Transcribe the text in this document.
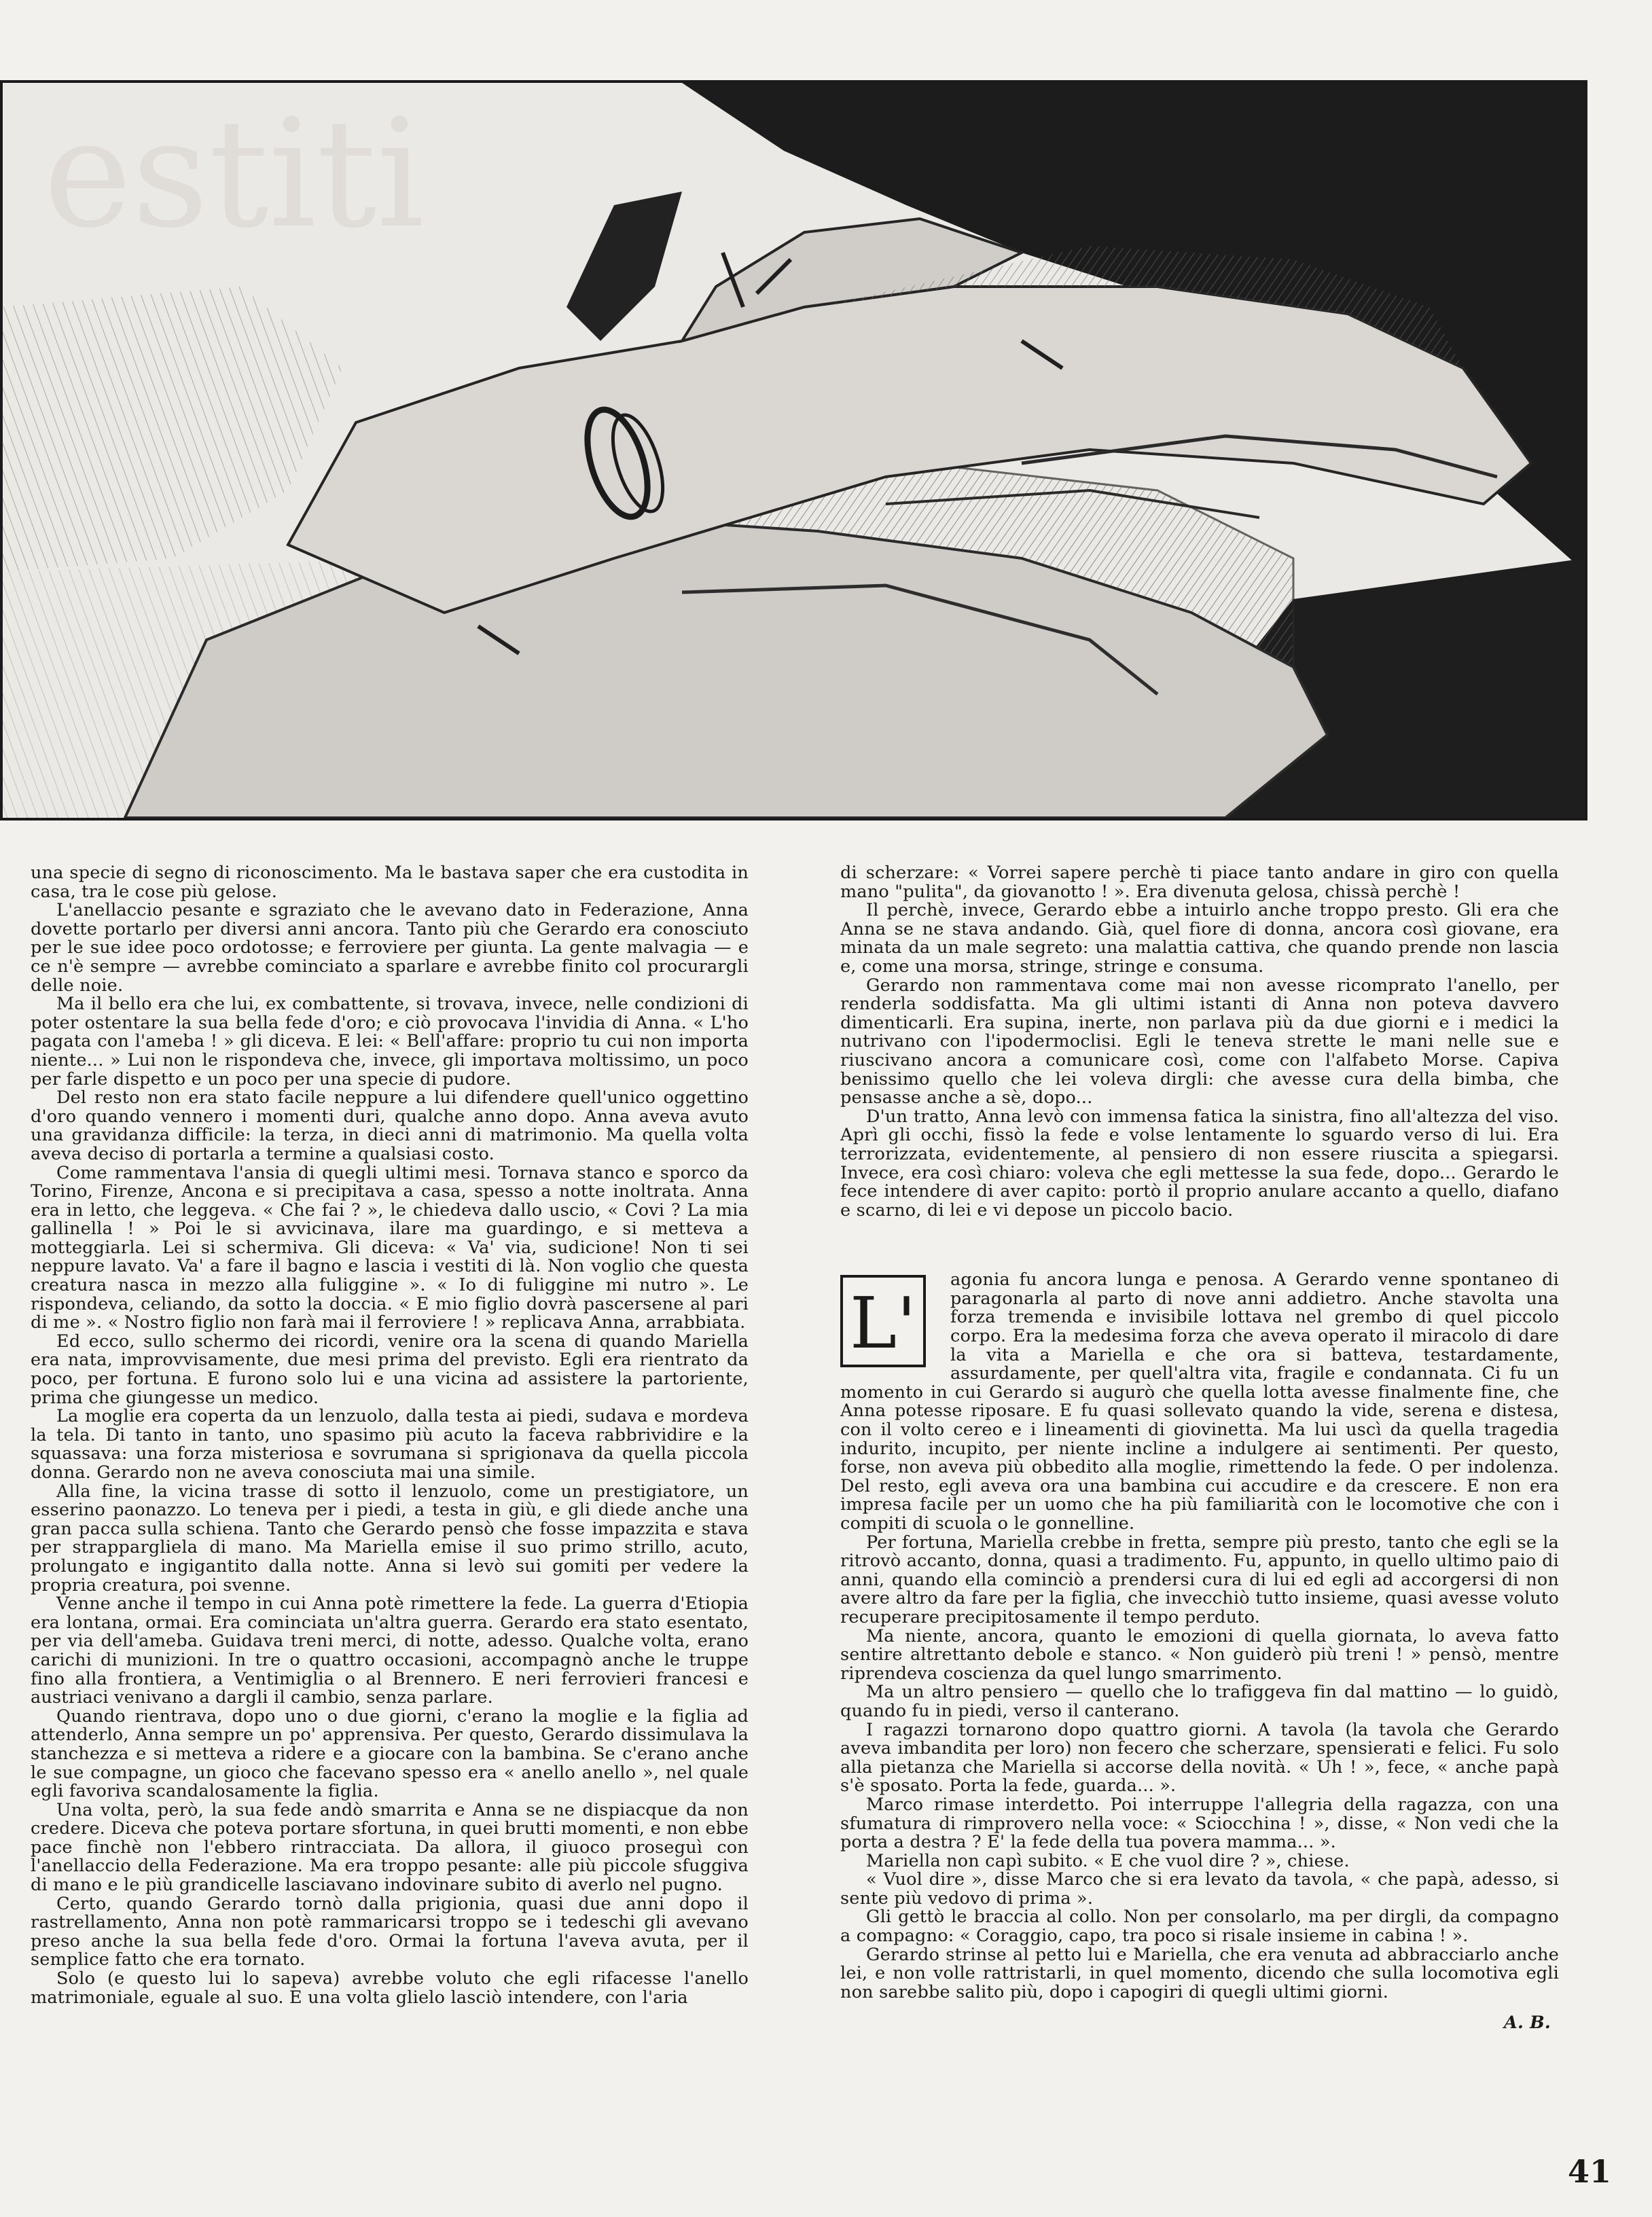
estiti

una specie di segno di riconoscimento. Ma le bastava saper che era custodita in casa, tra le cose più gelose.

L'anellaccio pesante e sgraziato che le avevano dato in Federazione, Anna dovette portarlo per diversi anni ancora. Tanto più che Gerardo era conosciuto per le sue idee poco ordotosse; e ferroviere per giunta. La gente malvagia — e ce n'è sempre — avrebbe cominciato a sparlare e avrebbe finito col procurargli delle noie.

Ma il bello era che lui, ex combattente, si trovava, invece, nelle condizioni di poter ostentare la sua bella fede d'oro; e ciò provocava l'invidia di Anna. « L'ho pagata con l'ameba ! » gli diceva. E lei: « Bell'affare: proprio tu cui non importa niente... » Lui non le rispondeva che, invece, gli importava moltissimo, un poco per farle dispetto e un poco per una specie di pudore.

Del resto non era stato facile neppure a lui difendere quell'unico oggettino d'oro quando vennero i momenti duri, qualche anno dopo. Anna aveva avuto una gravidanza difficile: la terza, in dieci anni di matrimonio. Ma quella volta aveva deciso di portarla a termine a qualsiasi costo.

Come rammentava l'ansia di quegli ultimi mesi. Tornava stanco e sporco da Torino, Firenze, Ancona e si precipitava a casa, spesso a notte inoltrata. Anna era in letto, che leggeva. « Che fai ? », le chiedeva dallo uscio, « Covi ? La mia gallinella ! » Poi le si avvicinava, ilare ma guardingo, e si metteva a motteggiarla. Lei si schermiva. Gli diceva: « Va' via, sudicione! Non ti sei neppure lavato. Va' a fare il bagno e lascia i vestiti di là. Non voglio che questa creatura nasca in mezzo alla fuliggine ». « Io di fuliggine mi nutro ». Le rispondeva, celiando, da sotto la doccia. « E mio figlio dovrà pascersene al pari di me ». « Nostro figlio non farà mai il ferroviere ! » replicava Anna, arrabbiata.

Ed ecco, sullo schermo dei ricordi, venire ora la scena di quando Mariella era nata, improvvisamente, due mesi prima del previsto. Egli era rientrato da poco, per fortuna. E furono solo lui e una vicina ad assistere la partoriente, prima che giungesse un medico.

La moglie era coperta da un lenzuolo, dalla testa ai piedi, sudava e mordeva la tela. Di tanto in tanto, uno spasimo più acuto la faceva rabbrividire e la squassava: una forza misteriosa e sovrumana si sprigionava da quella piccola donna. Gerardo non ne aveva conosciuta mai una simile.

Alla fine, la vicina trasse di sotto il lenzuolo, come un prestigiatore, un esserino paonazzo. Lo teneva per i piedi, a testa in giù, e gli diede anche una gran pacca sulla schiena. Tanto che Gerardo pensò che fosse impazzita e stava per strappargliela di mano. Ma Mariella emise il suo primo strillo, acuto, prolungato e ingigantito dalla notte. Anna si levò sui gomiti per vedere la propria creatura, poi svenne.

Venne anche il tempo in cui Anna potè rimettere la fede. La guerra d'Etiopia era lontana, ormai. Era cominciata un'altra guerra. Gerardo era stato esentato, per via dell'ameba. Guidava treni merci, di notte, adesso. Qualche volta, erano carichi di munizioni. In tre o quattro occasioni, accompagnò anche le truppe fino alla frontiera, a Ventimiglia o al Brennero. E neri ferrovieri francesi e austriaci venivano a dargli il cambio, senza parlare.

Quando rientrava, dopo uno o due giorni, c'erano la moglie e la figlia ad attenderlo, Anna sempre un po' apprensiva. Per questo, Gerardo dissimulava la stanchezza e si metteva a ridere e a giocare con la bambina. Se c'erano anche le sue compagne, un gioco che facevano spesso era « anello anello », nel quale egli favoriva scandalosamente la figlia.

Una volta, però, la sua fede andò smarrita e Anna se ne dispiacque da non credere. Diceva che poteva portare sfortuna, in quei brutti momenti, e non ebbe pace finchè non l'ebbero rintracciata. Da allora, il giuoco proseguì con l'anellaccio della Federazione. Ma era troppo pesante: alle più piccole sfuggiva di mano e le più grandicelle lasciavano indovinare subito di averlo nel pugno.

Certo, quando Gerardo tornò dalla prigionia, quasi due anni dopo il rastrellamento, Anna non potè rammaricarsi troppo se i tedeschi gli avevano preso anche la sua bella fede d'oro. Ormai la fortuna l'aveva avuta, per il semplice fatto che era tornato.

Solo (e questo lui lo sapeva) avrebbe voluto che egli rifacesse l'anello matrimoniale, eguale al suo. E una volta glielo lasciò intendere, con l'aria

di scherzare: « Vorrei sapere perchè ti piace tanto andare in giro con quella mano "pulita", da giovanotto ! ». Era divenuta gelosa, chissà perchè !

Il perchè, invece, Gerardo ebbe a intuirlo anche troppo presto. Gli era che Anna se ne stava andando. Già, quel fiore di donna, ancora così giovane, era minata da un male segreto: una malattia cattiva, che quando prende non lascia e, come una morsa, stringe, stringe e consuma.

Gerardo non rammentava come mai non avesse ricomprato l'anello, per renderla soddisfatta. Ma gli ultimi istanti di Anna non poteva davvero dimenticarli. Era supina, inerte, non parlava più da due giorni e i medici la nutrivano con l'ipodermoclisi. Egli le teneva strette le mani nelle sue e riuscivano ancora a comunicare così, come con l'alfabeto Morse. Capiva benissimo quello che lei voleva dirgli: che avesse cura della bimba, che pensasse anche a sè, dopo...

D'un tratto, Anna levò con immensa fatica la sinistra, fino all'altezza del viso. Aprì gli occhi, fissò la fede e volse lentamente lo sguardo verso di lui. Era terrorizzata, evidentemente, al pensiero di non essere riuscita a spiegarsi. Invece, era così chiaro: voleva che egli mettesse la sua fede, dopo... Gerardo le fece intendere di aver capito: portò il proprio anulare accanto a quello, diafano e scarno, di lei e vi depose un piccolo bacio.

L'
agonia fu ancora lunga e penosa. A Gerardo venne spontaneo di paragonarla al parto di nove anni addietro. Anche stavolta una forza tremenda e invisibile lottava nel grembo di quel piccolo corpo. Era la medesima forza che aveva operato il miracolo di dare la vita a Mariella e che ora si batteva, testardamente, assurdamente, per quell'altra vita, fragile e condannata. Ci fu un momento in cui Gerardo si augurò che quella lotta avesse finalmente fine, che Anna potesse riposare. E fu quasi sollevato quando la vide, serena e distesa, con il volto cereo e i lineamenti di giovinetta. Ma lui uscì da quella tragedia indurito, incupito, per niente incline a indulgere ai sentimenti. Per questo, forse, non aveva più obbedito alla moglie, rimettendo la fede. O per indolenza. Del resto, egli aveva ora una bambina cui accudire e da crescere. E non era impresa facile per un uomo che ha più familiarità con le locomotive che con i compiti di scuola o le gonnelline.

Per fortuna, Mariella crebbe in fretta, sempre più presto, tanto che egli se la ritrovò accanto, donna, quasi a tradimento. Fu, appunto, in quello ultimo paio di anni, quando ella cominciò a prendersi cura di lui ed egli ad accorgersi di non avere altro da fare per la figlia, che invecchiò tutto insieme, quasi avesse voluto recuperare precipitosamente il tempo perduto.

Ma niente, ancora, quanto le emozioni di quella giornata, lo aveva fatto sentire altrettanto debole e stanco. « Non guiderò più treni ! » pensò, mentre riprendeva coscienza da quel lungo smarrimento.

Ma un altro pensiero — quello che lo trafiggeva fin dal mattino — lo guidò, quando fu in piedi, verso il canterano.

I ragazzi tornarono dopo quattro giorni. A tavola (la tavola che Gerardo aveva imbandita per loro) non fecero che scherzare, spensierati e felici. Fu solo alla pietanza che Mariella si accorse della novità. « Uh ! », fece, « anche papà s'è sposato. Porta la fede, guarda... ».

Marco rimase interdetto. Poi interruppe l'allegria della ragazza, con una sfumatura di rimprovero nella voce: « Sciocchina ! », disse, « Non vedi che la porta a destra ? E' la fede della tua povera mamma... ».

Mariella non capì subito. « E che vuol dire ? », chiese.

« Vuol dire », disse Marco che si era levato da tavola, « che papà, adesso, si sente più vedovo di prima ».

Gli gettò le braccia al collo. Non per consolarlo, ma per dirgli, da compagno a compagno: « Coraggio, capo, tra poco si risale insieme in cabina ! ».

Gerardo strinse al petto lui e Mariella, che era venuta ad abbracciarlo anche lei, e non volle rattristarli, in quel momento, dicendo che sulla locomotiva egli non sarebbe salito più, dopo i capogiri di quegli ultimi giorni.

A. B.
41
